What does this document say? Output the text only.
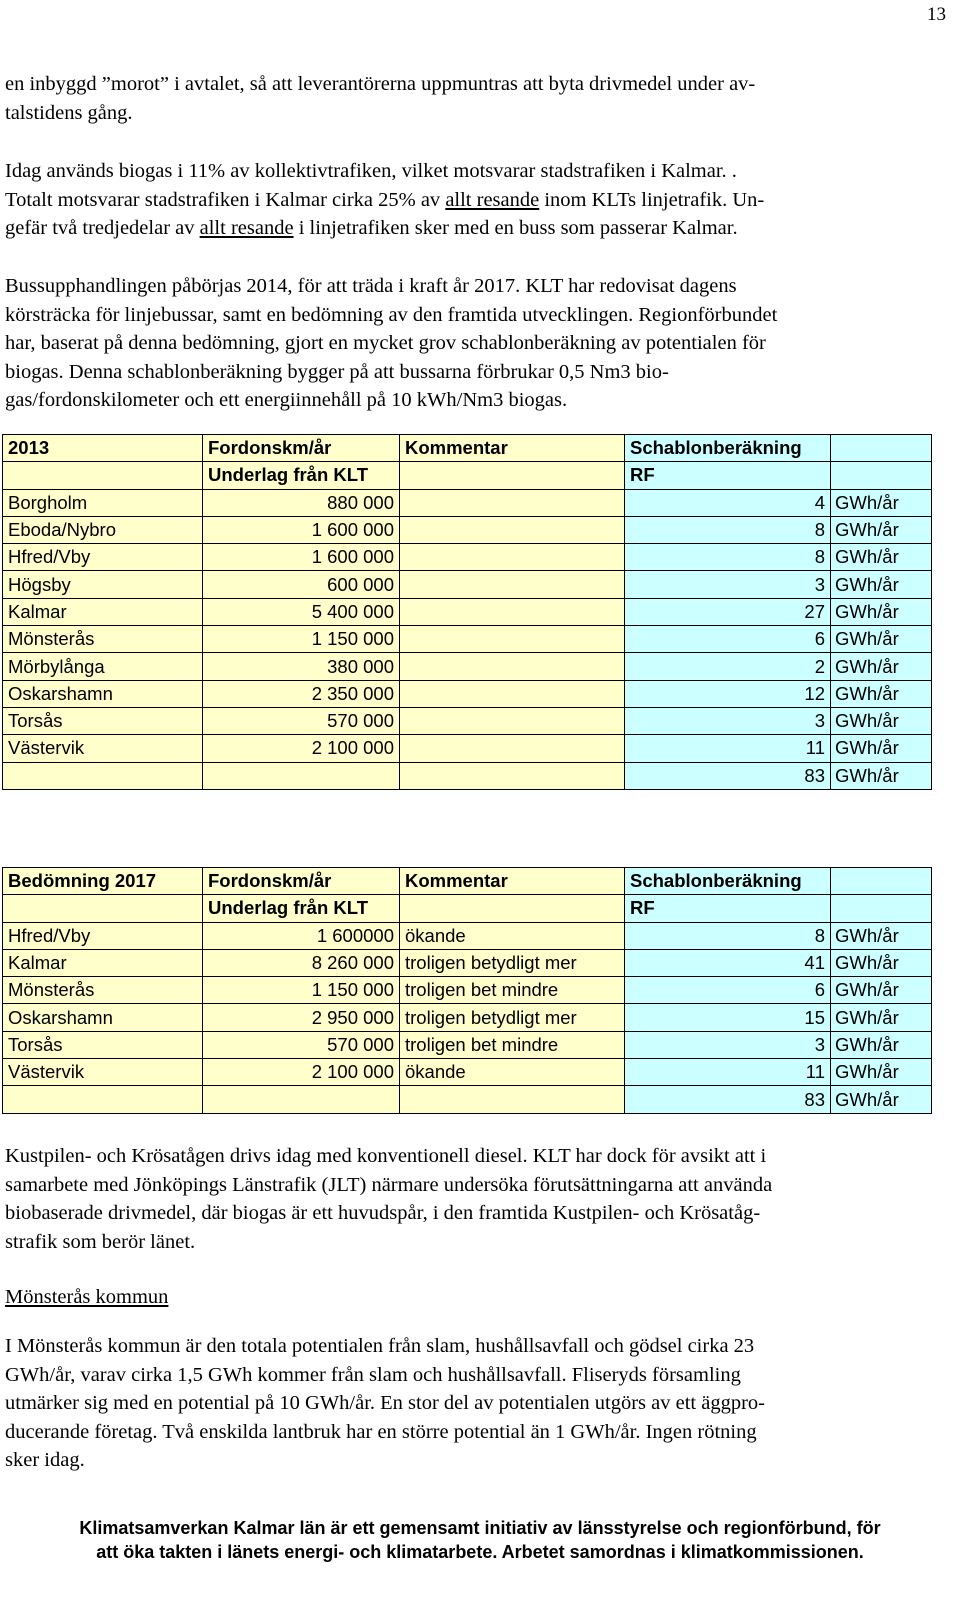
13

en inbyggd ”morot” i avtalet, så att leverantörerna uppmuntras att byta drivmedel under av-
talstidens gång.

Idag används biogas i 11% av kollektivtrafiken, vilket motsvarar stadstrafiken i Kalmar. .
Totalt motsvarar stadstrafiken i Kalmar cirka 25% av allt resande inom KLTs linjetrafik. Un-
gefär två tredjedelar av allt resande i linjetrafiken sker med en buss som passerar Kalmar.

Bussupphandlingen påbörjas 2014, för att träda i kraft år 2017. KLT har redovisat dagens
körsträcka för linjebussar, samt en bedömning av den framtida utvecklingen. Regionförbundet
har, baserat på denna bedömning, gjort en mycket grov schablonberäkning av potentialen för
biogas. Denna schablonberäkning bygger på att bussarna förbrukar 0,5 Nm3 bio-
gas/fordonskilometer och ett energiinnehåll på 10 kWh/Nm3 biogas.

2013	Fordonskm/år	Kommentar	Schablonberäkning	
	Underlag från KLT		RF	
Borgholm	880 000		4	GWh/år
Eboda/Nybro	1 600 000		8	GWh/år
Hfred/Vby	1 600 000		8	GWh/år
Högsby	600 000		3	GWh/år
Kalmar	5 400 000		27	GWh/år
Mönsterås	1 150 000		6	GWh/år
Mörbylånga	380 000		2	GWh/år
Oskarshamn	2 350 000		12	GWh/år
Torsås	570 000		3	GWh/år
Västervik	2 100 000		11	GWh/år
			83	GWh/år
Bedömning 2017	Fordonskm/år	Kommentar	Schablonberäkning	
	Underlag från KLT		RF	
Hfred/Vby	1 600000	ökande	8	GWh/år
Kalmar	8 260 000	troligen betydligt mer	41	GWh/år
Mönsterås	1 150 000	troligen bet mindre	6	GWh/år
Oskarshamn	2 950 000	troligen betydligt mer	15	GWh/år
Torsås	570 000	troligen bet mindre	3	GWh/år
Västervik	2 100 000	ökande	11	GWh/år
			83	GWh/år

Kustpilen- och Krösatågen drivs idag med konventionell diesel. KLT har dock för avsikt att i
samarbete med Jönköpings Länstrafik (JLT) närmare undersöka förutsättningarna att använda
biobaserade drivmedel, där biogas är ett huvudspår, i den framtida Kustpilen- och Krösatåg-
strafik som berör länet.

Mönsterås kommun

I Mönsterås kommun är den totala potentialen från slam, hushållsavfall och gödsel cirka 23
GWh/år, varav cirka 1,5 GWh kommer från slam och hushållsavfall. Fliseryds församling
utmärker sig med en potential på 10 GWh/år. En stor del av potentialen utgörs av ett äggpro-
ducerande företag. Två enskilda lantbruk har en större potential än 1 GWh/år. Ingen rötning
sker idag.

Klimatsamverkan Kalmar län är ett gemensamt initiativ av länsstyrelse och regionförbund, för
att öka takten i länets energi- och klimatarbete. Arbetet samordnas i klimatkommissionen.
